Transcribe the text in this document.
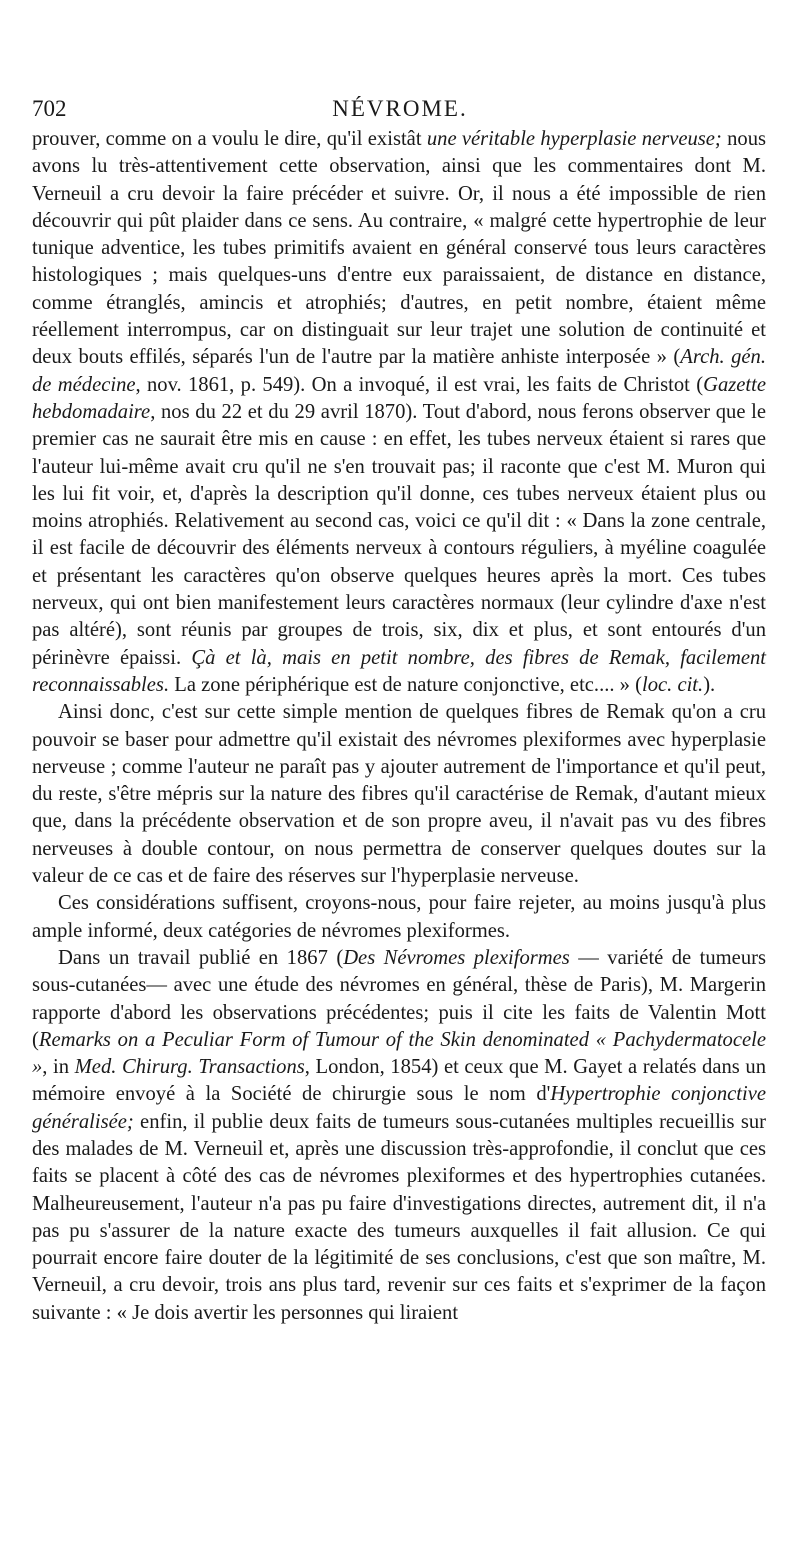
702	NÉVROME.

prouver, comme on a voulu le dire, qu'il existât une véritable hyperplasie nerveuse; nous avons lu très-attentivement cette observation, ainsi que les commentaires dont M. Verneuil a cru devoir la faire précéder et suivre. Or, il nous a été impossible de rien découvrir qui pût plaider dans ce sens. Au contraire, « malgré cette hypertrophie de leur tunique adventice, les tubes primitifs avaient en général conservé tous leurs caractères histologiques ; mais quelques-uns d'entre eux paraissaient, de distance en distance, comme étranglés, amincis et atrophiés; d'autres, en petit nombre, étaient même réellement interrompus, car on distinguait sur leur trajet une solution de continuité et deux bouts effilés, séparés l'un de l'autre par la matière anhiste interposée » (Arch. gén. de médecine, nov. 1861, p. 549). On a invoqué, il est vrai, les faits de Christot (Gazette hebdomadaire, nos du 22 et du 29 avril 1870). Tout d'abord, nous ferons observer que le premier cas ne saurait être mis en cause : en effet, les tubes nerveux étaient si rares que l'auteur lui-même avait cru qu'il ne s'en trouvait pas; il raconte que c'est M. Muron qui les lui fit voir, et, d'après la description qu'il donne, ces tubes nerveux étaient plus ou moins atrophiés. Relativement au second cas, voici ce qu'il dit : « Dans la zone centrale, il est facile de découvrir des éléments nerveux à contours réguliers, à myéline coagulée et présentant les caractères qu'on observe quelques heures après la mort. Ces tubes nerveux, qui ont bien manifestement leurs caractères normaux (leur cylindre d'axe n'est pas altéré), sont réunis par groupes de trois, six, dix et plus, et sont entourés d'un périnèvre épaissi. Çà et là, mais en petit nombre, des fibres de Remak, facilement reconnaissables. La zone périphérique est de nature conjonctive, etc.... » (loc. cit.).

Ainsi donc, c'est sur cette simple mention de quelques fibres de Remak qu'on a cru pouvoir se baser pour admettre qu'il existait des névromes plexiformes avec hyperplasie nerveuse ; comme l'auteur ne paraît pas y ajouter autrement de l'importance et qu'il peut, du reste, s'être mépris sur la nature des fibres qu'il caractérise de Remak, d'autant mieux que, dans la précédente observation et de son propre aveu, il n'avait pas vu des fibres nerveuses à double contour, on nous permettra de conserver quelques doutes sur la valeur de ce cas et de faire des réserves sur l'hyperplasie nerveuse.

Ces considérations suffisent, croyons-nous, pour faire rejeter, au moins jusqu'à plus ample informé, deux catégories de névromes plexiformes.

Dans un travail publié en 1867 (Des Névromes plexiformes — variété de tumeurs sous-cutanées— avec une étude des névromes en général, thèse de Paris), M. Margerin rapporte d'abord les observations précédentes; puis il cite les faits de Valentin Mott (Remarks on a Peculiar Form of Tumour of the Skin denominated « Pachydermatocele », in Med. Chirurg. Transactions, London, 1854) et ceux que M. Gayet a relatés dans un mémoire envoyé à la Société de chirurgie sous le nom d'Hypertrophie conjonctive généralisée; enfin, il publie deux faits de tumeurs sous-cutanées multiples recueillis sur des malades de M. Verneuil et, après une discussion très-approfondie, il conclut que ces faits se placent à côté des cas de névromes plexiformes et des hypertrophies cutanées. Malheureusement, l'auteur n'a pas pu faire d'investigations directes, autrement dit, il n'a pas pu s'assurer de la nature exacte des tumeurs auxquelles il fait allusion. Ce qui pourrait encore faire douter de la légitimité de ses conclusions, c'est que son maître, M. Verneuil, a cru devoir, trois ans plus tard, revenir sur ces faits et s'exprimer de la façon suivante : « Je dois avertir les personnes qui liraient
